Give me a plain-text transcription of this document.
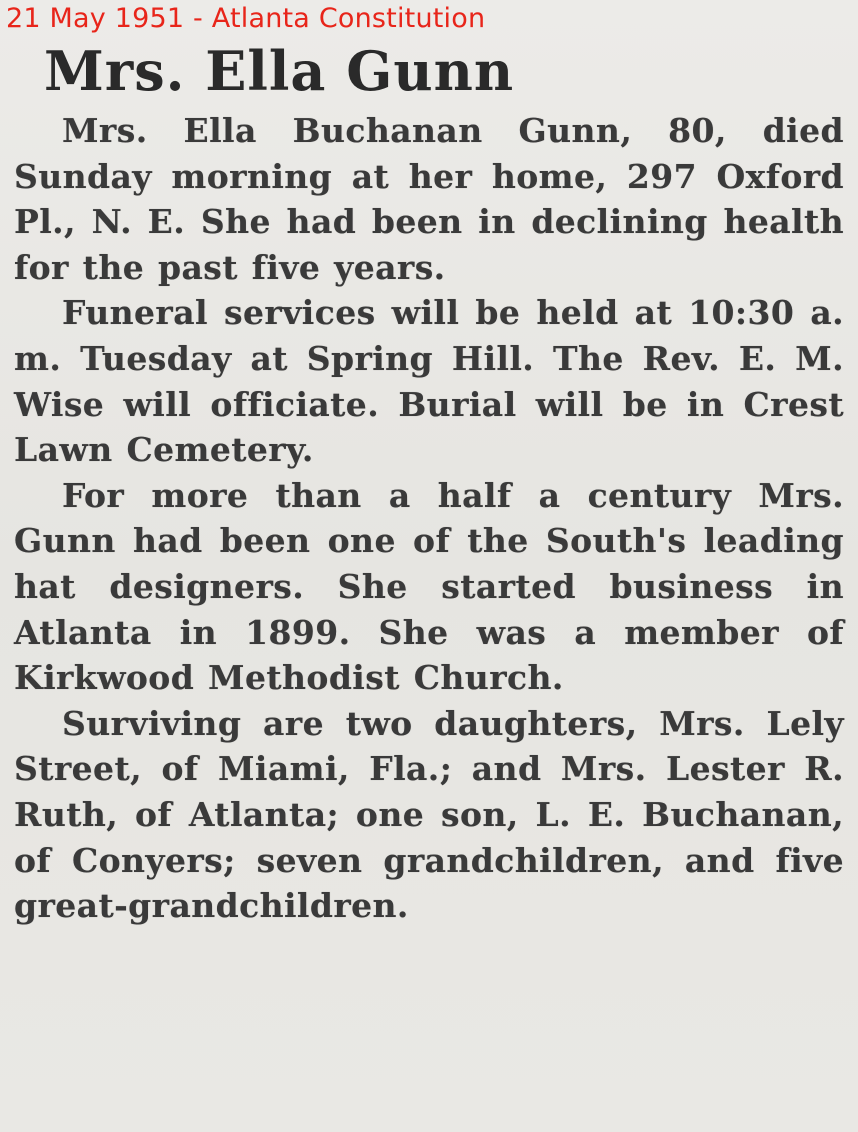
21 May 1951 - Atlanta Constitution
Mrs. Ella Gunn

Mrs. Ella Buchanan Gunn, 80, died Sunday morning at her home, 297 Oxford Pl., N. E. She had been in declining health for the past five years.

Funeral services will be held at 10:30 a. m. Tuesday at Spring Hill. The Rev. E. M. Wise will officiate. Burial will be in Crest Lawn Cemetery.

For more than a half a century Mrs. Gunn had been one of the South's leading hat designers. She started business in Atlanta in 1899. She was a member of Kirkwood Methodist Church.

Surviving are two daughters, Mrs. Lely Street, of Miami, Fla.; and Mrs. Lester R. Ruth, of Atlanta; one son, L. E. Buchanan, of Conyers; seven grandchildren, and five great-grandchildren.
